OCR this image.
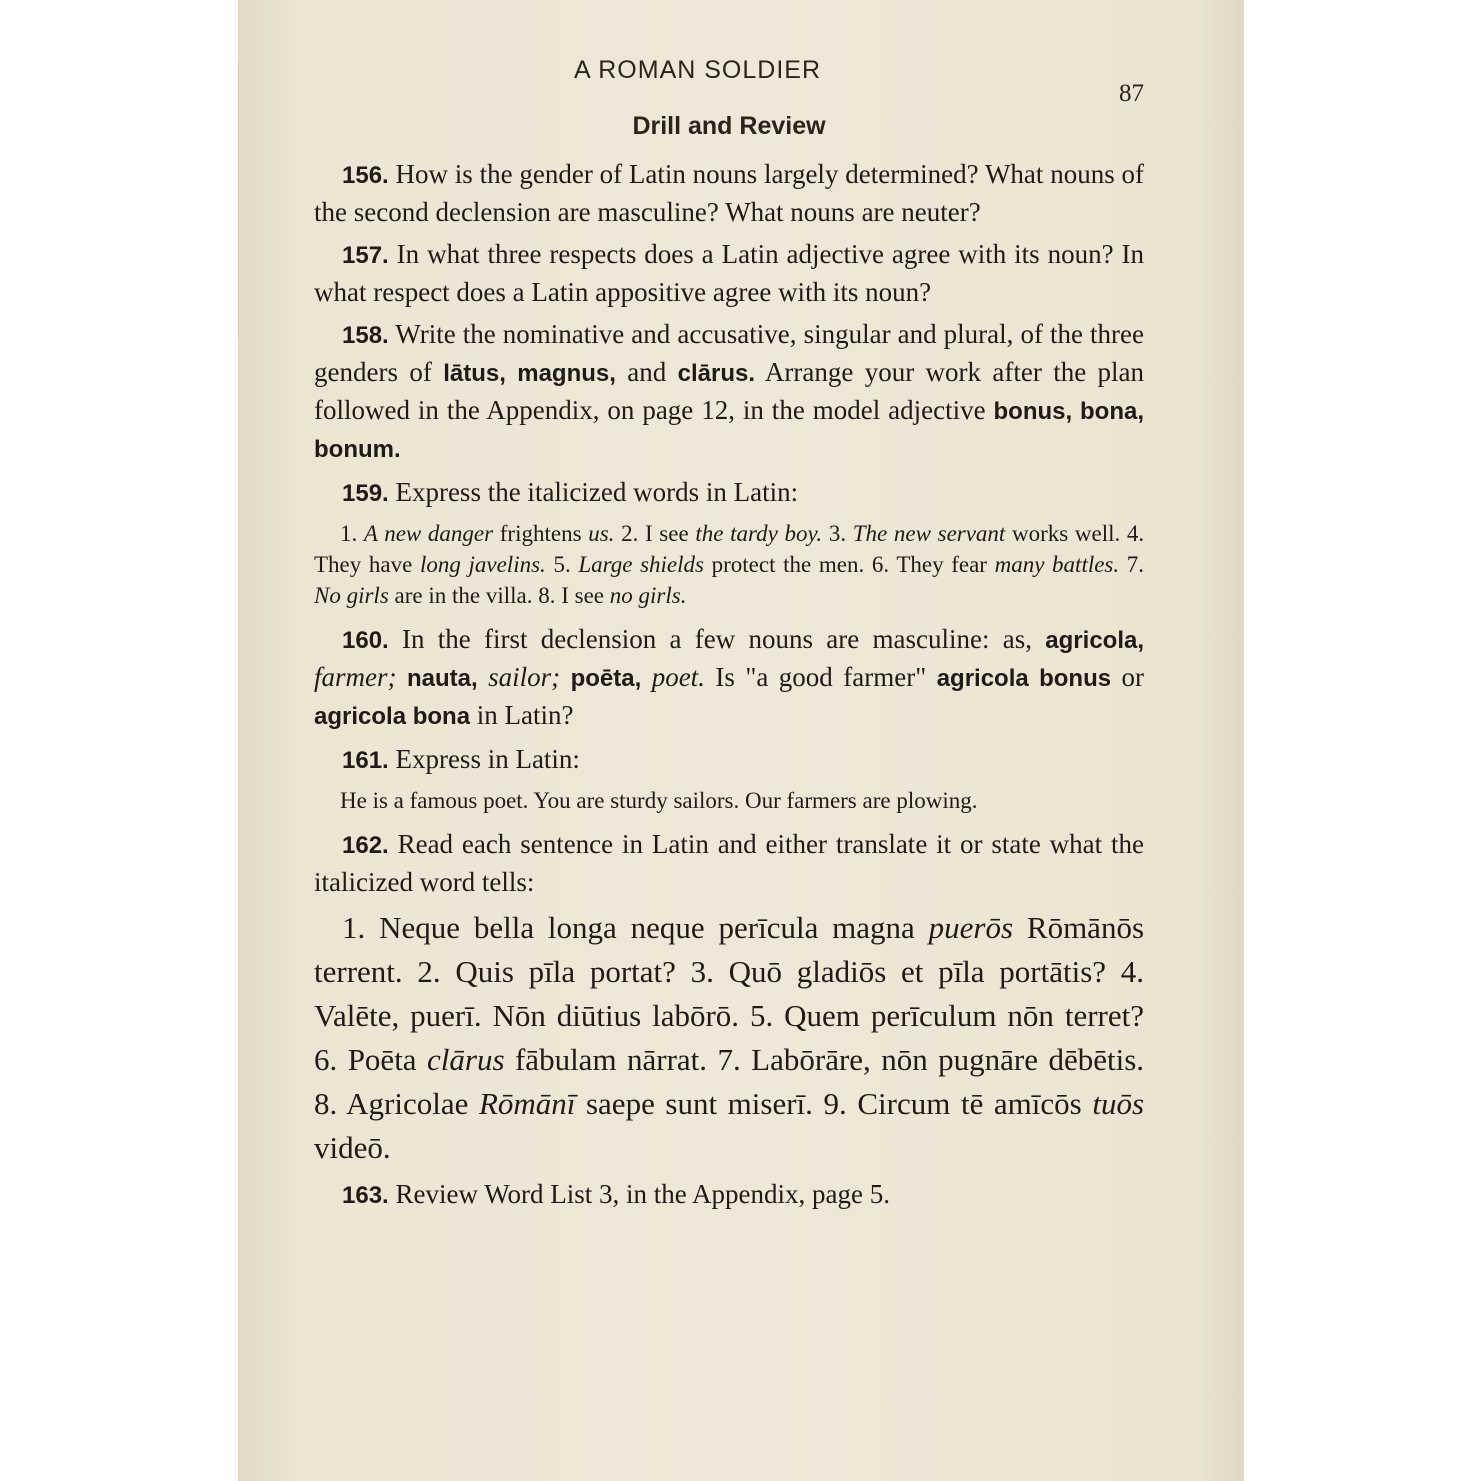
A ROMAN SOLDIER
87
Drill and Review

156. How is the gender of Latin nouns largely determined? What nouns of the second declension are masculine? What nouns are neuter?

157. In what three respects does a Latin adjective agree with its noun? In what respect does a Latin appositive agree with its noun?

158. Write the nominative and accusative, singular and plural, of the three genders of lātus, magnus, and clārus. Arrange your work after the plan followed in the Appendix, on page 12, in the model adjective bonus, bona, bonum.

159. Express the italicized words in Latin:

1. A new danger frightens us. 2. I see the tardy boy. 3. The new servant works well. 4. They have long javelins. 5. Large shields protect the men. 6. They fear many battles. 7. No girls are in the villa. 8. I see no girls.

160. In the first declension a few nouns are masculine: as, agricola, farmer; nauta, sailor; poēta, poet. Is "a good farmer" agricola bonus or agricola bona in Latin?

161. Express in Latin:

He is a famous poet. You are sturdy sailors. Our farmers are plowing.

162. Read each sentence in Latin and either translate it or state what the italicized word tells:

1. Neque bella longa neque perīcula magna puerōs Rōmānōs terrent. 2. Quis pīla portat? 3. Quō gladiōs et pīla portātis? 4. Valēte, puerī. Nōn diūtius labōrō. 5. Quem perīculum nōn terret? 6. Poēta clārus fābulam nārrat. 7. Labōrāre, nōn pugnāre dēbētis. 8. Agricolae Rōmānī saepe sunt miserī. 9. Circum tē amīcōs tuōs videō.

163. Review Word List 3, in the Appendix, page 5.
